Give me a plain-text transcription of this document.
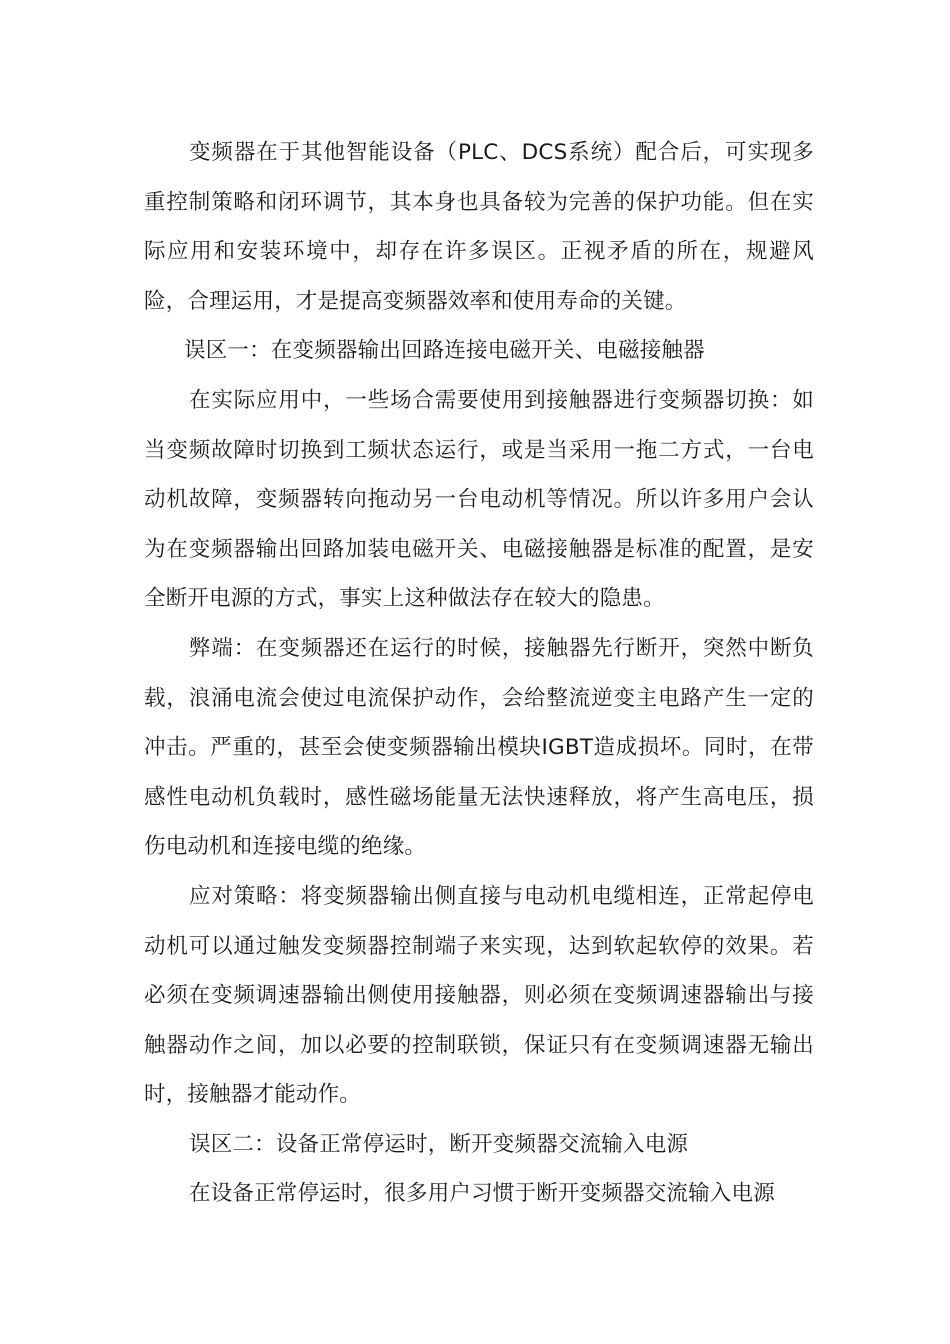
变频器在于其他智能设备（PLC、DCS系统）配合后，可实现多重控制策略和闭环调节，其本身也具备较为完善的保护功能。但在实际应用和安装环境中，却存在许多误区。正视矛盾的所在，规避风险，合理运用，才是提高变频器效率和使用寿命的关键。

误区一：在变频器输出回路连接电磁开关、电磁接触器

在实际应用中，一些场合需要使用到接触器进行变频器切换：如当变频故障时切换到工频状态运行，或是当采用一拖二方式，一台电动机故障，变频器转向拖动另一台电动机等情况。所以许多用户会认为在变频器输出回路加装电磁开关、电磁接触器是标准的配置，是安全断开电源的方式，事实上这种做法存在较大的隐患。

弊端：在变频器还在运行的时候，接触器先行断开，突然中断负载，浪涌电流会使过电流保护动作，会给整流逆变主电路产生一定的冲击。严重的，甚至会使变频器输出模块IGBT造成损坏。同时，在带感性电动机负载时，感性磁场能量无法快速释放，将产生高电压，损伤电动机和连接电缆的绝缘。

应对策略：将变频器输出侧直接与电动机电缆相连，正常起停电动机可以通过触发变频器控制端子来实现，达到软起软停的效果。若必须在变频调速器输出侧使用接触器，则必须在变频调速器输出与接触器动作之间，加以必要的控制联锁，保证只有在变频调速器无输出时，接触器才能动作。

误区二：设备正常停运时，断开变频器交流输入电源

在设备正常停运时，很多用户习惯于断开变频器交流输入电源
